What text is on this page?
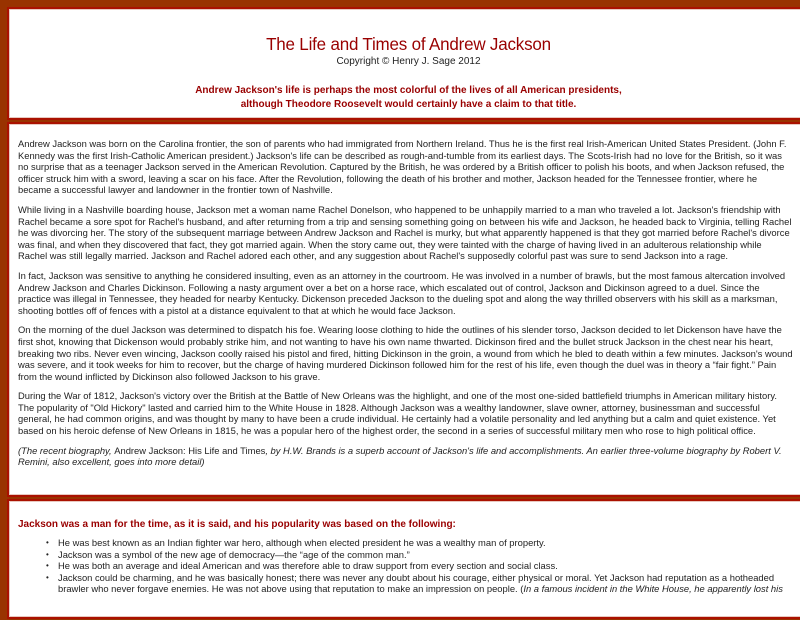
The Life and Times of Andrew Jackson
Copyright © Henry J. Sage 2012
Andrew Jackson's life is perhaps the most colorful of the lives of all American presidents,
although Theodore Roosevelt would certainly have a claim to that title.

Andrew Jackson was born on the Carolina frontier, the son of parents who had immigrated from Northern Ireland. Thus he is the first real Irish-American United States President. (John F. Kennedy was the first Irish-Catholic American president.) Jackson's life can be described as rough-and-tumble from its earliest days. The Scots-Irish had no love for the British, so it was no surprise that as a teenager Jackson served in the American Revolution. Captured by the British, he was ordered by a British officer to polish his boots, and when Jackson refused, the officer struck him with a sword, leaving a scar on his face. After the Revolution, following the death of his brother and mother, Jackson headed for the Tennessee frontier, where he became a successful lawyer and landowner in the frontier town of Nashville.

While living in a Nashville boarding house, Jackson met a woman name Rachel Donelson, who happened to be unhappily married to a man who traveled a lot. Jackson's friendship with Rachel became a sore spot for Rachel's husband, and after returning from a trip and sensing something going on between his wife and Jackson, he headed back to Virginia, telling Rachel he was divorcing her. The story of the subsequent marriage between Andrew Jackson and Rachel is murky, but what apparently happened is that they got married before Rachel's divorce was final, and when they discovered that fact, they got married again. When the story came out, they were tainted with the charge of having lived in an adulterous relationship while Rachel was still legally married. Jackson and Rachel adored each other, and any suggestion about Rachel's supposedly colorful past was sure to send Jackson into a rage.

In fact, Jackson was sensitive to anything he considered insulting, even as an attorney in the courtroom. He was involved in a number of brawls, but the most famous altercation involved Andrew Jackson and Charles Dickinson. Following a nasty argument over a bet on a horse race, which escalated out of control, Jackson and Dickinson agreed to a duel. Since the practice was illegal in Tennessee, they headed for nearby Kentucky. Dickenson preceded Jackson to the dueling spot and along the way thrilled observers with his skill as a marksman, shooting bottles off of fences with a pistol at a distance equivalent to that at which he would face Jackson.

On the morning of the duel Jackson was determined to dispatch his foe. Wearing loose clothing to hide the outlines of his slender torso, Jackson decided to let Dickenson have have the first shot, knowing that Dickenson would probably strike him, and not wanting to have his own name thwarted. Dickinson fired and the bullet struck Jackson in the chest near his heart, breaking two ribs. Never even wincing, Jackson coolly raised his pistol and fired, hitting Dickinson in the groin, a wound from which he bled to death within a few minutes. Jackson's wound was severe, and it took weeks for him to recover, but the charge of having murdered Dickinson followed him for the rest of his life, even though the duel was in theory a “fair fight.” Pain from the wound inflicted by Dickinson also followed Jackson to his grave.

During the War of 1812, Jackson's victory over the British at the Battle of New Orleans was the highlight, and one of the most one-sided battlefield triumphs in American military history. The popularity of "Old Hickory" lasted and carried him to the White House in 1828. Although Jackson was a wealthy landowner, slave owner, attorney, businessman and successful general, he had common origins, and was thought by many to have been a crude individual. He certainly had a volatile personality and led anything but a calm and quiet existence. Yet based on his heroic defense of New Orleans in 1815, he was a popular hero of the highest order, the second in a series of successful military men who rose to high political office.

(The recent biography, Andrew Jackson: His Life and Times, by H.W. Brands is a superb account of Jackson's life and accomplishments. An earlier three-volume biography by Robert V. Remini, also excellent, goes into more detail)

Jackson was a man for the time, as it is said, and his popularity was based on the following:

• He was best known as an Indian fighter war hero, although when elected president he was a wealthy man of property.
• Jackson was a symbol of the new age of democracy—the “age of the common man.”
• He was both an average and ideal American and was therefore able to draw support from every section and social class.
• Jackson could be charming, and he was basically honest; there was never any doubt about his courage, either physical or moral. Yet Jackson had reputation as a hotheaded brawler who never forgave enemies. He was not above using that reputation to make an impression on people. (In a famous incident in the White House, he apparently lost his
